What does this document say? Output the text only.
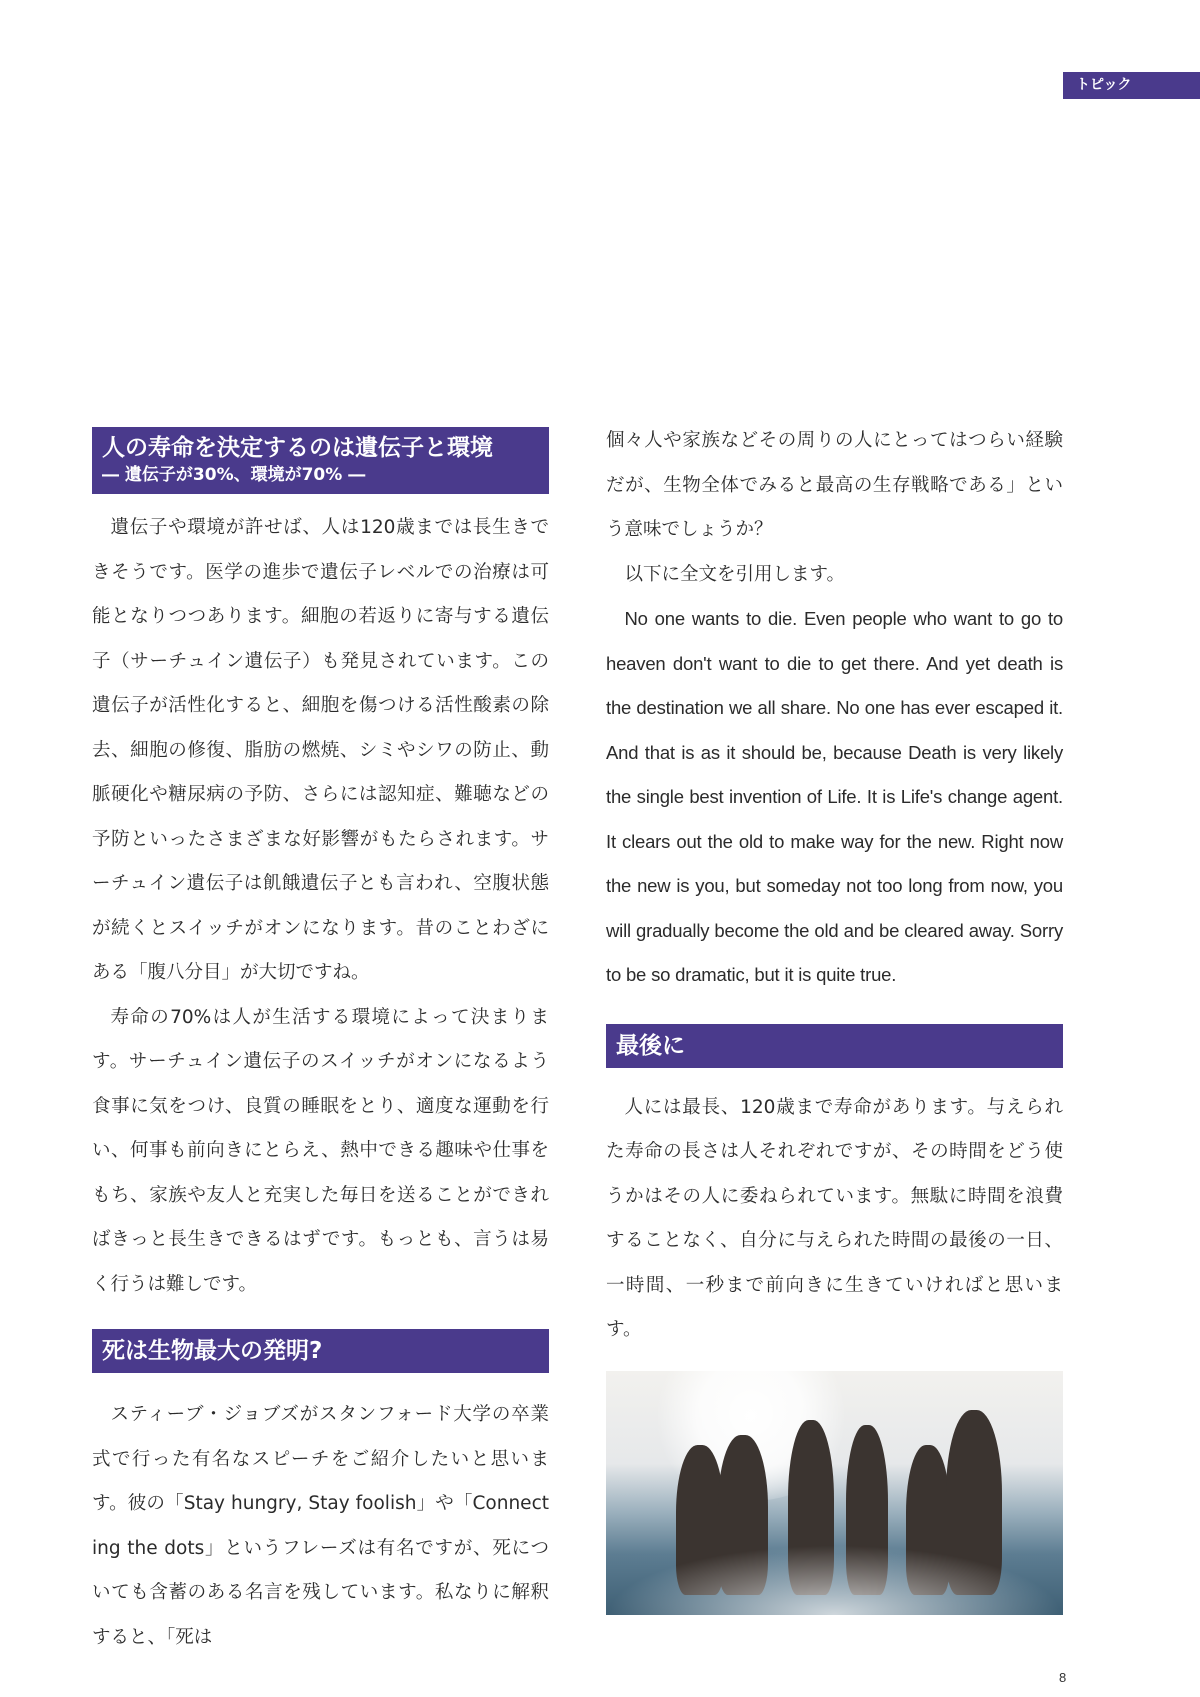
トピック
人の寿命を決定するのは遺伝子と環境
― 遺伝子が30%、環境が70% ―

遺伝子や環境が許せば、人は120歳までは長生きできそうです。医学の進歩で遺伝子レベルでの治療は可能となりつつあります。細胞の若返りに寄与する遺伝子（サーチュイン遺伝子）も発見されています。この遺伝子が活性化すると、細胞を傷つける活性酸素の除去、細胞の修復、脂肪の燃焼、シミやシワの防止、動脈硬化や糖尿病の予防、さらには認知症、難聴などの予防といったさまざまな好影響がもたらされます。サーチュイン遺伝子は飢餓遺伝子とも言われ、空腹状態が続くとスイッチがオンになります。昔のことわざにある「腹八分目」が大切ですね。

寿命の70%は人が生活する環境によって決まります。サーチュイン遺伝子のスイッチがオンになるよう食事に気をつけ、良質の睡眠をとり、適度な運動を行い、何事も前向きにとらえ、熱中できる趣味や仕事をもち、家族や友人と充実した毎日を送ることができればきっと長生きできるはずです。もっとも、言うは易く行うは難しです。

死は生物最大の発明?

スティーブ・ジョブズがスタンフォード大学の卒業式で行った有名なスピーチをご紹介したいと思います。彼の「Stay hungry, Stay foolish」や「Connecting the dots」というフレーズは有名ですが、死についても含蓄のある名言を残しています。私なりに解釈すると、「死は

個々人や家族などその周りの人にとってはつらい経験だが、生物全体でみると最高の生存戦略である」という意味でしょうか？

以下に全文を引用します。

No one wants to die. Even people who want to go to heaven don't want to die to get there. And yet death is the destination we all share. No one has ever escaped it. And that is as it should be, because Death is very likely the single best invention of Life. It is Life's change agent. It clears out the old to make way for the new. Right now the new is you, but someday not too long from now, you will gradually become the old and be cleared away. Sorry to be so dramatic, but it is quite true.

最後に

人には最長、120歳まで寿命があります。与えられた寿命の長さは人それぞれですが、その時間をどう使うかはその人に委ねられています。無駄に時間を浪費することなく、自分に与えられた時間の最後の一日、一時間、一秒まで前向きに生きていければと思います。

8
